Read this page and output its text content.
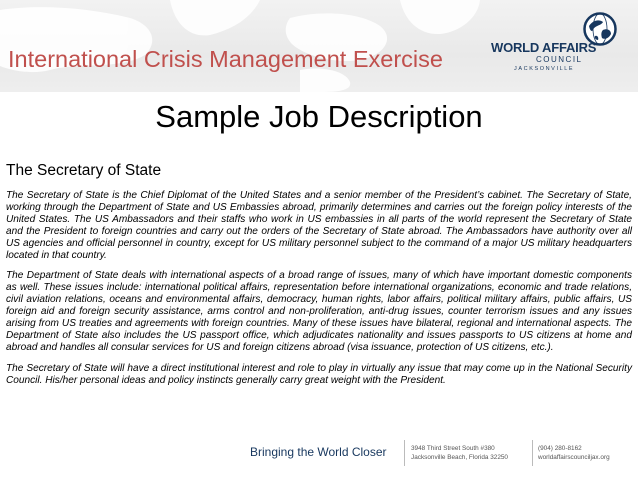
International Crisis Management Exercise	WORLD AFFAIRS
COUNCIL
JACKSONVILLE
Sample Job Description
The Secretary of State

The Secretary of State is the Chief Diplomat of the United States and a senior member of the President’s cabinet. The Secretary of State, working through the Department of State and US Embassies abroad, primarily determines and carries out the foreign policy interests of the United States. The US Ambassadors and their staffs who work in US embassies in all parts of the world represent the Secretary of State and the President to foreign countries and carry out the orders of the Secretary of State abroad. The Ambassadors have authority over all US agencies and official personnel in country, except for US military personnel subject to the command of a major US military headquarters located in that country.

The Department of State deals with international aspects of a broad range of issues, many of which have important domestic components as well. These issues include: international political affairs, representation before international organizations, economic and trade relations, civil aviation relations, oceans and environmental affairs, democracy, human rights, labor affairs, political military affairs, public affairs, US foreign aid and foreign security assistance, arms control and non-proliferation, anti-drug issues, counter terrorism issues and any issues arising from US treaties and agreements with foreign countries. Many of these issues have bilateral, regional and international aspects. The Department of State also includes the US passport office, which adjudicates nationality and issues passports to US citizens at home and abroad and handles all consular services for US and foreign citizens abroad (visa issuance, protection of US citizens, etc.).

The Secretary of State will have a direct institutional interest and role to play in virtually any issue that may come up in the National Security Council. His/her personal ideas and policy instincts generally carry great weight with the President.

Bringing the World Closer	3948 Third Street South #380
Jacksonville Beach, Florida 32250
(904) 280-8162
worldaffairscounciljax.org
